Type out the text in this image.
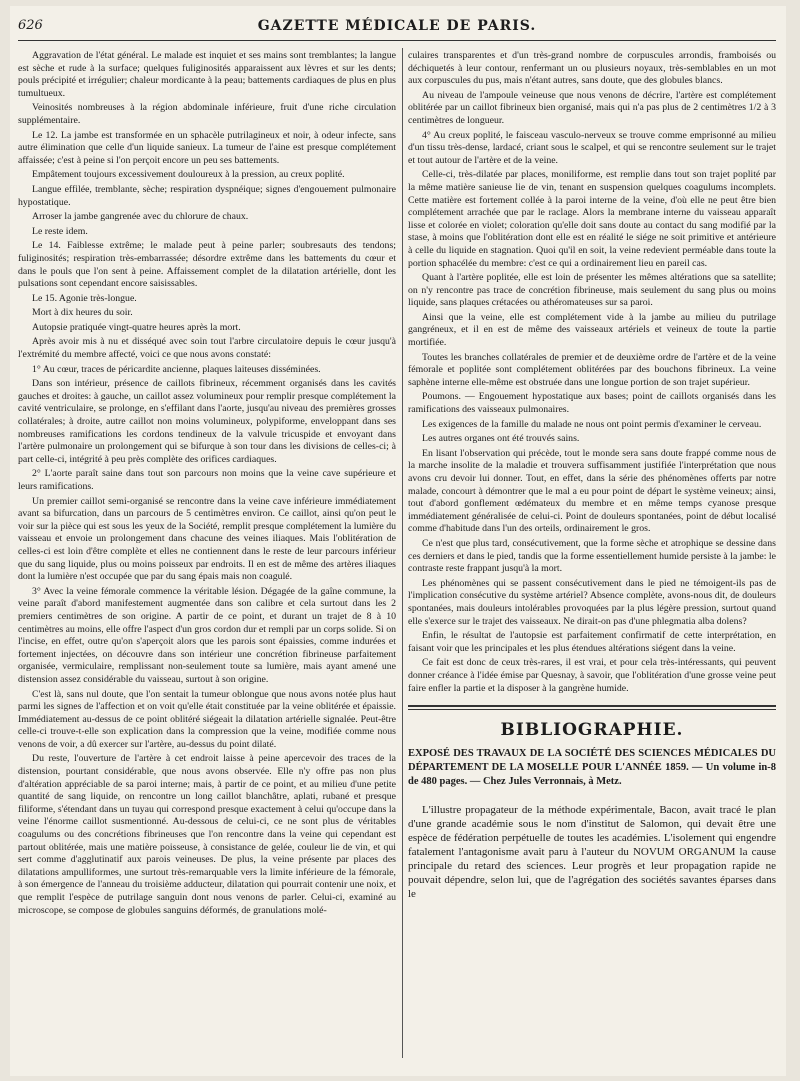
626	GAZETTE MÉDICALE DE PARIS.

Aggravation de l'état général. Le malade est inquiet et ses mains sont tremblantes; la langue est sèche et rude à la surface; quelques fuliginosités apparaissent aux lèvres et sur les dents; pouls précipité et irrégulier; chaleur mordicante à la peau; battements cardiaques de plus en plus tumultueux.

Veinosités nombreuses à la région abdominale inférieure, fruit d'une riche circulation supplémentaire.

Le 12. La jambe est transformée en un sphacèle putrilagineux et noir, à odeur infecte, sans autre élimination que celle d'un liquide sanieux. La tumeur de l'aine est presque complétement affaissée; c'est à peine si l'on perçoit encore un peu ses battements.

Empâtement toujours excessivement douloureux à la pression, au creux poplité.

Langue effilée, tremblante, sèche; respiration dyspnéique; signes d'engouement pulmonaire hypostatique.

Arroser la jambe gangrenée avec du chlorure de chaux.

Le reste idem.

Le 14. Faiblesse extrême; le malade peut à peine parler; soubresauts des tendons; fuliginosités; respiration très-embarrassée; désordre extrême dans les battements du cœur et dans le pouls que l'on sent à peine. Affaissement complet de la dilatation artérielle, dont les pulsations sont cependant encore saisissables.

Le 15. Agonie très-longue.

Mort à dix heures du soir.

Autopsie pratiquée vingt-quatre heures après la mort.

Après avoir mis à nu et disséqué avec soin tout l'arbre circulatoire depuis le cœur jusqu'à l'extrémité du membre affecté, voici ce que nous avons constaté:

1° Au cœur, traces de péricardite ancienne, plaques laiteuses disséminées.

Dans son intérieur, présence de caillots fibrineux, récemment organisés dans les cavités gauches et droites: à gauche, un caillot assez volumineux pour remplir presque complétement la cavité ventriculaire, se prolonge, en s'effilant dans l'aorte, jusqu'au niveau des premières grosses collatérales; à droite, autre caillot non moins volumineux, polypiforme, enveloppant dans ses nombreuses ramifications les cordons tendineux de la valvule tricuspide et envoyant dans l'artère pulmonaire un prolongement qui se bifurque à son tour dans les divisions de celles-ci; à part celle-ci, intégrité à peu près complète des orifices cardiaques.

2° L'aorte paraît saine dans tout son parcours non moins que la veine cave supérieure et leurs ramifications.

Un premier caillot semi-organisé se rencontre dans la veine cave inférieure immédiatement avant sa bifurcation, dans un parcours de 5 centimètres environ. Ce caillot, ainsi qu'on peut le voir sur la pièce qui est sous les yeux de la Société, remplit presque complétement la lumière du vaisseau et envoie un prolongement dans chacune des veines iliaques. Mais l'oblitération de celles-ci est loin d'être complète et elles ne contiennent dans le reste de leur parcours inférieur que du sang liquide, plus ou moins poisseux par endroits. Il en est de même des artères iliaques dont la lumière n'est occupée que par du sang épais mais non coagulé.

3° Avec la veine fémorale commence la véritable lésion. Dégagée de la gaîne commune, la veine paraît d'abord manifestement augmentée dans son calibre et cela surtout dans les 2 premiers centimètres de son origine. A partir de ce point, et durant un trajet de 8 à 10 centimètres au moins, elle offre l'aspect d'un gros cordon dur et rempli par un corps solide. Si on l'incise, en effet, outre qu'on s'aperçoit alors que les parois sont épaissies, comme indurées et fortement injectées, on découvre dans son intérieur une concrétion fibrineuse parfaitement organisée, vermiculaire, remplissant non-seulement toute sa lumière, mais ayant amené une distension assez considérable du vaisseau, surtout à son origine.

C'est là, sans nul doute, que l'on sentait la tumeur oblongue que nous avons notée plus haut parmi les signes de l'affection et on voit qu'elle était constituée par la veine oblitérée et épaissie. Immédiatement au-dessus de ce point oblitéré siégeait la dilatation artérielle signalée. Peut-être celle-ci trouve-t-elle son explication dans la compression que la veine, modifiée comme nous venons de voir, a dû exercer sur l'artère, au-dessus du point dilaté.

Du reste, l'ouverture de l'artère à cet endroit laisse à peine apercevoir des traces de la distension, pourtant considérable, que nous avons observée. Elle n'y offre pas non plus d'altération appréciable de sa paroi interne; mais, à partir de ce point, et au milieu d'une petite quantité de sang liquide, on rencontre un long caillot blanchâtre, aplati, rubané et presque filiforme, s'étendant dans un tuyau qui correspond presque exactement à celui qu'occupe dans la veine l'énorme caillot susmentionné. Au-dessous de celui-ci, ce ne sont plus de véritables coagulums ou des concrétions fibrineuses que l'on rencontre dans la veine qui cependant est partout oblitérée, mais une matière poisseuse, à consistance de gelée, couleur lie de vin, et qui sert comme d'agglutinatif aux parois veineuses. De plus, la veine présente par places des dilatations ampulliformes, une surtout très-remarquable vers la limite inférieure de la fémorale, à son émergence de l'anneau du troisième adducteur, dilatation qui pourrait contenir une noix, et que remplit l'espèce de putrilage sanguin dont nous venons de parler. Celui-ci, examiné au microscope, se compose de globules sanguins déformés, de granulations molé-

culaires transparentes et d'un très-grand nombre de corpuscules arrondis, framboisés ou déchiquetés à leur contour, renfermant un ou plusieurs noyaux, très-semblables en un mot aux corpuscules du pus, mais n'étant autres, sans doute, que des globules blancs.

Au niveau de l'ampoule veineuse que nous venons de décrire, l'artère est complétement oblitérée par un caillot fibrineux bien organisé, mais qui n'a pas plus de 2 centimètres 1/2 à 3 centimètres de longueur.

4° Au creux poplité, le faisceau vasculo-nerveux se trouve comme emprisonné au milieu d'un tissu très-dense, lardacé, criant sous le scalpel, et qui se rencontre seulement sur le trajet et tout autour de l'artère et de la veine.

Celle-ci, très-dilatée par places, moniliforme, est remplie dans tout son trajet poplité par la même matière sanieuse lie de vin, tenant en suspension quelques coagulums incomplets. Cette matière est fortement collée à la paroi interne de la veine, d'où elle ne peut être bien complétement arrachée que par le raclage. Alors la membrane interne du vaisseau apparaît lisse et colorée en violet; coloration qu'elle doit sans doute au contact du sang modifié par la stase, à moins que l'oblitération dont elle est en réalité le siége ne soit primitive et antérieure à celle du liquide en stagnation. Quoi qu'il en soit, la veine redevient perméable dans toute la portion sphacélée du membre: c'est ce qui a ordinairement lieu en pareil cas.

Quant à l'artère poplitée, elle est loin de présenter les mêmes altérations que sa satellite; on n'y rencontre pas trace de concrétion fibrineuse, mais seulement du sang plus ou moins liquide, sans plaques crétacées ou athéromateuses sur sa paroi.

Ainsi que la veine, elle est complétement vide à la jambe au milieu du putrilage gangréneux, et il en est de même des vaisseaux artériels et veineux de toute la partie mortifiée.

Toutes les branches collatérales de premier et de deuxième ordre de l'artère et de la veine fémorale et poplitée sont complétement oblitérées par des bouchons fibrineux. La veine saphène interne elle-même est obstruée dans une longue portion de son trajet supérieur.

Poumons. — Engouement hypostatique aux bases; point de caillots organisés dans les ramifications des vaisseaux pulmonaires.

Les exigences de la famille du malade ne nous ont point permis d'examiner le cerveau.

Les autres organes ont été trouvés sains.

En lisant l'observation qui précède, tout le monde sera sans doute frappé comme nous de la marche insolite de la maladie et trouvera suffisamment justifiée l'interprétation que nous avons cru devoir lui donner. Tout, en effet, dans la série des phénomènes offerts par notre malade, concourt à démontrer que le mal a eu pour point de départ le système veineux; ainsi, tout d'abord gonflement œdémateux du membre et en même temps cyanose presque immédiatement généralisée de celui-ci. Point de douleurs spontanées, point de début localisé comme d'habitude dans l'un des orteils, ordinairement le gros.

Ce n'est que plus tard, consécutivement, que la forme sèche et atrophique se dessine dans ces derniers et dans le pied, tandis que la forme essentiellement humide persiste à la jambe: le contraste reste frappant jusqu'à la mort.

Les phénomènes qui se passent consécutivement dans le pied ne témoigent-ils pas de l'implication consécutive du système artériel? Absence complète, avons-nous dit, de douleurs spontanées, mais douleurs intolérables provoquées par la plus légère pression, surtout quand elle s'exerce sur le trajet des vaisseaux. Ne dirait-on pas d'une phlegmatia alba dolens?

Enfin, le résultat de l'autopsie est parfaitement confirmatif de cette interprétation, en faisant voir que les principales et les plus étendues altérations siégent dans la veine.

Ce fait est donc de ceux très-rares, il est vrai, et pour cela très-intéressants, qui peuvent donner créance à l'idée émise par Quesnay, à savoir, que l'oblitération d'une grosse veine peut faire enfler la partie et la disposer à la gangrène humide.

BIBLIOGRAPHIE.

EXPOSÉ DES TRAVAUX DE LA SOCIÉTÉ DES SCIENCES MÉDICALES DU DÉPARTEMENT DE LA MOSELLE POUR L'ANNÉE 1859. — Un volume in-8 de 480 pages. — Chez Jules Verronnais, à Metz.

L'illustre propagateur de la méthode expérimentale, Bacon, avait tracé le plan d'une grande académie sous le nom d'institut de Salomon, qui devait être une espèce de fédération perpétuelle de toutes les académies. L'isolement qui engendre fatalement l'antagonisme avait paru à l'auteur du NOVUM ORGANUM la cause principale du retard des sciences. Leur progrès et leur propagation rapide ne pouvait dépendre, selon lui, que de l'agrégation des sociétés savantes éparses dans le
